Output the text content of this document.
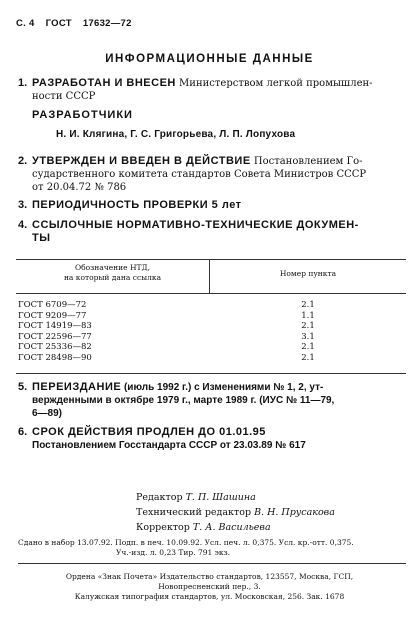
С. 4 ГОСТ 17632—72
ИНФОРМАЦИОННЫЕ ДАННЫЕ
1. РАЗРАБОТАН И ВНЕСЕН Министерством легкой промышлен-
ности СССР
РАЗРАБОТЧИКИ
Н. И. Клягина, Г. С. Григорьева, Л. П. Лопухова
2. УТВЕРЖДЕН И ВВЕДЕН В ДЕЙСТВИЕ Постановлением Го-
сударственного комитета стандартов Совета Министров СССР
от 20.04.72 № 786
3. ПЕРИОДИЧНОСТЬ ПРОВЕРКИ 5 лет
4. ССЫЛОЧНЫЕ НОРМАТИВНО-ТЕХНИЧЕСКИЕ ДОКУМЕН-
ТЫ
Обозначение НТД,
на который дана ссылка	Номер пункта
ГОСТ 6709—72
ГОСТ 9209—77
ГОСТ 14919—83
ГОСТ 22596—77
ГОСТ 25336—82
ГОСТ 28498—90
2.1
1.1
2.1
3.1
2.1
2.1
5. ПЕРЕИЗДАНИЕ (июль 1992 г.) с Изменениями № 1, 2, ут-
вержденными в октябре 1979 г., марте 1989 г. (ИУС № 11—79,
6—89)
6. СРОК ДЕЙСТВИЯ ПРОДЛЕН ДО 01.01.95
Постановлением Госстандарта СССР от 23.03.89 № 617
Редактор Т. П. Шашина
Технический редактор В. Н. Прусакова
Корректор Т. А. Васильева
Сдано в набор 13.07.92. Подп. в печ. 10.09.92. Усл. печ. л. 0,375. Усл. кр.-отт. 0,375.
Уч.-изд. л. 0,23 Тир. 791 экз.
Ордена «Знак Почета» Издательство стандартов, 123557, Москва, ГСП,
Новопресненский пер., 3.
Калужская типография стандартов, ул. Московская, 256. Зак. 1678
